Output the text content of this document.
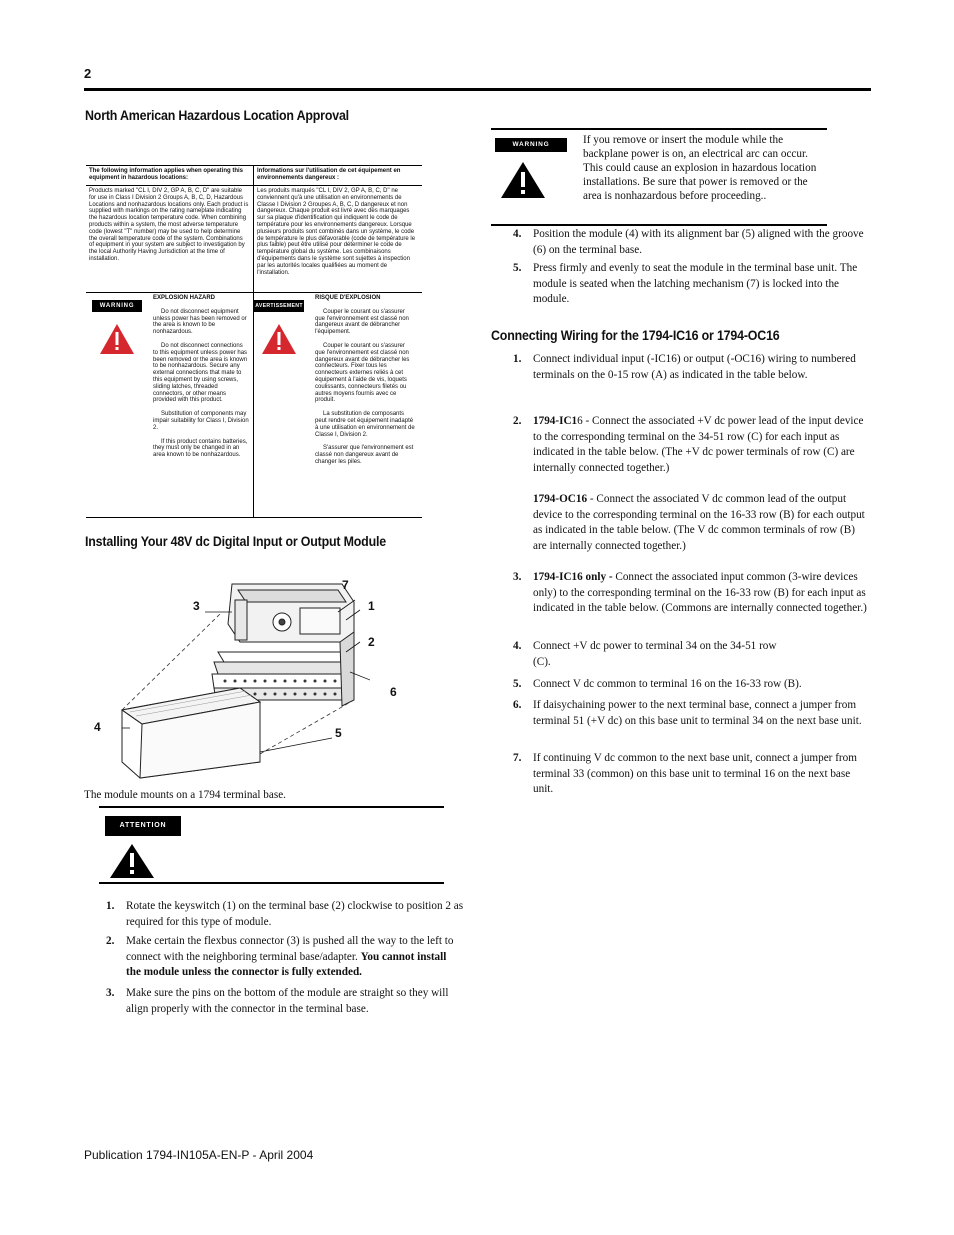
2
North American Hazardous Location Approval
The following information applies when operating this equipment in hazardous locations:
Informations sur l'utilisation de cet équipement en environnements dangereux :
Products marked "CL I, DIV 2, GP A, B, C, D" are suitable for use in Class I Division 2 Groups A, B, C, D, Hazardous Locations and nonhazardous locations only. Each product is supplied with markings on the rating nameplate indicating the hazardous location temperature code. When combining products within a system, the most adverse temperature code (lowest "T" number) may be used to help determine the overall temperature code of the system. Combinations of equipment in your system are subject to investigation by the local Authority Having Jurisdiction at the time of installation.
Les produits marqués "CL I, DIV 2, GP A, B, C, D" ne conviennent qu'à une utilisation en environnements de Classe I Division 2 Groupes A, B, C, D dangereux et non dangereux. Chaque produit est livré avec des marquages sur sa plaque d'identification qui indiquent le code de température pour les environnements dangereux. Lorsque plusieurs produits sont combinés dans un système, le code de température le plus défavorable (code de température le plus faible) peut être utilisé pour déterminer le code de température global du système. Les combinaisons d'équipements dans le système sont sujettes à inspection par les autorités locales qualifiées au moment de l'installation.
WARNING
EXPLOSION HAZARD
Do not disconnect equipment unless power has been removed or the area is known to be nonhazardous.
Do not disconnect connections to this equipment unless power has been removed or the area is known to be nonhazardous. Secure any external connections that mate to this equipment by using screws, sliding latches, threaded connectors, or other means provided with this product.
Substitution of components may impair suitability for Class I, Division 2.
If this product contains batteries, they must only be changed in an area known to be nonhazardous.
AVERTISSEMENT
RISQUE D'EXPLOSION
Couper le courant ou s'assurer que l'environnement est classé non dangereux avant de débrancher l'équipement.
Couper le courant ou s'assurer que l'environnement est classé non dangereux avant de débrancher les connecteurs. Fixer tous les connecteurs externes reliés à cet équipement à l'aide de vis, loquets coulissants, connecteurs filetés ou autres moyens fournis avec ce produit.
La substitution de composants peut rendre cet équipement inadapté à une utilisation en environnement de Classe I, Division 2.
S'assurer que l'environnement est classé non dangereux avant de changer les piles.
Installing Your 48V dc Digital Input or Output Module
7
3	1
2
6
4	5
The module mounts on a 1794 terminal base.
ATTENTION
1. Rotate the keyswitch (1) on the terminal base (2) clockwise to position 2 as required for this type of module.
2. Make certain the flexbus connector (3) is pushed all the way to the left to connect with the neighboring terminal base/adapter. You cannot install the module unless the connector is fully extended.
3. Make sure the pins on the bottom of the module are straight so they will align properly with the connector in the terminal base.
WARNING	If you remove or insert the module while the backplane power is on, an electrical arc can occur. This could cause an explosion in hazardous location installations. Be sure that power is removed or the area is nonhazardous before proceeding..
4. Position the module (4) with its alignment bar (5) aligned with the groove (6) on the terminal base.
5. Press firmly and evenly to seat the module in the terminal base unit. The module is seated when the latching mechanism (7) is locked into the module.
Connecting Wiring for the 1794-IC16 or 1794-OC16
1. Connect individual input (-IC16) or output (-OC16) wiring to numbered terminals on the 0-15 row (A) as indicated in the table below.
2. 1794-IC16 - Connect the associated +V dc power lead of the input device to the corresponding terminal on the 34-51 row (C) for each input as indicated in the table below. (The +V dc power terminals of row (C) are internally connected together.)
1794-OC16 - Connect the associated V dc common lead of the output device to the corresponding terminal on the 16-33 row (B) for each output as indicated in the table below. (The V dc common terminals of row (B) are internally connected together.)
3. 1794-IC16 only - Connect the associated input common (3-wire devices only) to the corresponding terminal on the 16-33 row (B) for each input as indicated in the table below. (Commons are internally connected together.)
4. Connect +V dc power to terminal 34 on the 34-51 row (C).
5. Connect V dc common to terminal 16 on the 16-33 row (B).
6. If daisychaining power to the next terminal base, connect a jumper from terminal 51 (+V dc) on this base unit to terminal 34 on the next base unit.
7. If continuing V dc common to the next base unit, connect a jumper from terminal 33 (common) on this base unit to terminal 16 on the next base unit.
Publication 1794-IN105A-EN-P - April 2004
